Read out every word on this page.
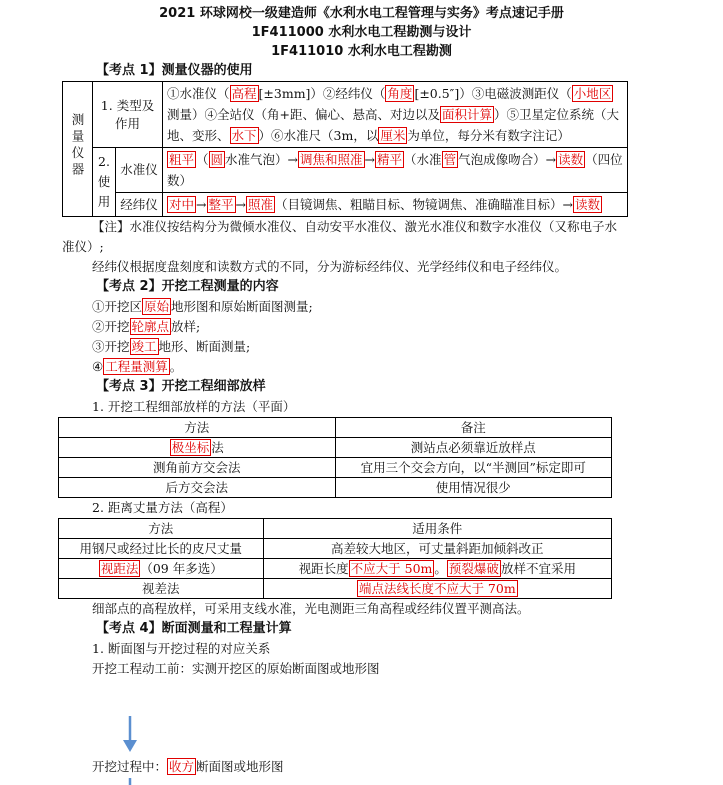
2021 环球网校一级建造师《水利水电工程管理与实务》考点速记手册
1F411000 水利水电工程勘测与设计
1F411010 水利水电工程勘测
【考点 1】测量仪器的使用
测量仪器	1. 类型及作用		①水准仪（ 高程 [±3mm]）②经纬仪（ 角度 [±0.5″]）③电磁波测距仪（ 小地区测量）④全站仪（角+距、偏心、悬高、对边以及 面积计算 ）⑤卫星定位系统（大地、变形、 水下 ）⑥水准尺（3m，以 厘米 为单位，每分米有数字注记）
	2. 使用	水准仪	粗平 （ 圆 水准气泡）→ 调焦和照准 → 精平 （水准 管 气泡成像吻合）→ 读数 （四位数）
		经纬仪	对中 → 整平 → 照准 （目镜调焦、粗瞄目标、物镜调焦、准确瞄准目标）→ 读数
【注】水准仪按结构分为微倾水准仪、自动安平水准仪、激光水准仪和数字水准仪（又称电子水准仪）;
经纬仪根据度盘刻度和读数方式的不同，分为游标经纬仪、光学经纬仪和电子经纬仪。
【考点 2】开挖工程测量的内容
①开挖区 原始 地形图和原始断面图测量;
②开挖 轮廓点 放样;
③开挖 竣工 地形、断面测量;
④ 工程量测算 。
【考点 3】开挖工程细部放样
1. 开挖工程细部放样的方法（平面）
方法	备注
极坐标 法	测站点必须靠近放样点
测角前方交会法	宜用三个交会方向，以“半测回”标定即可
后方交会法	使用情况很少
2. 距离丈量方法（高程）
方法	适用条件
用钢尺或经过比长的皮尺丈量	高差较大地区，可丈量斜距加倾斜改正
视距法 （09 年多选）	视距长度 不应大于 50m 。 预裂爆破 放样不宜采用
视差法	端点法线长度不应大于 70m
细部点的高程放样，可采用支线水准，光电测距三角高程或经纬仪置平测高法。
【考点 4】断面测量和工程量计算
1. 断面图与开挖过程的对应关系
开挖工程动工前：实测开挖区的原始断面图或地形图
开挖过程中： 收方 断面图或地形图
